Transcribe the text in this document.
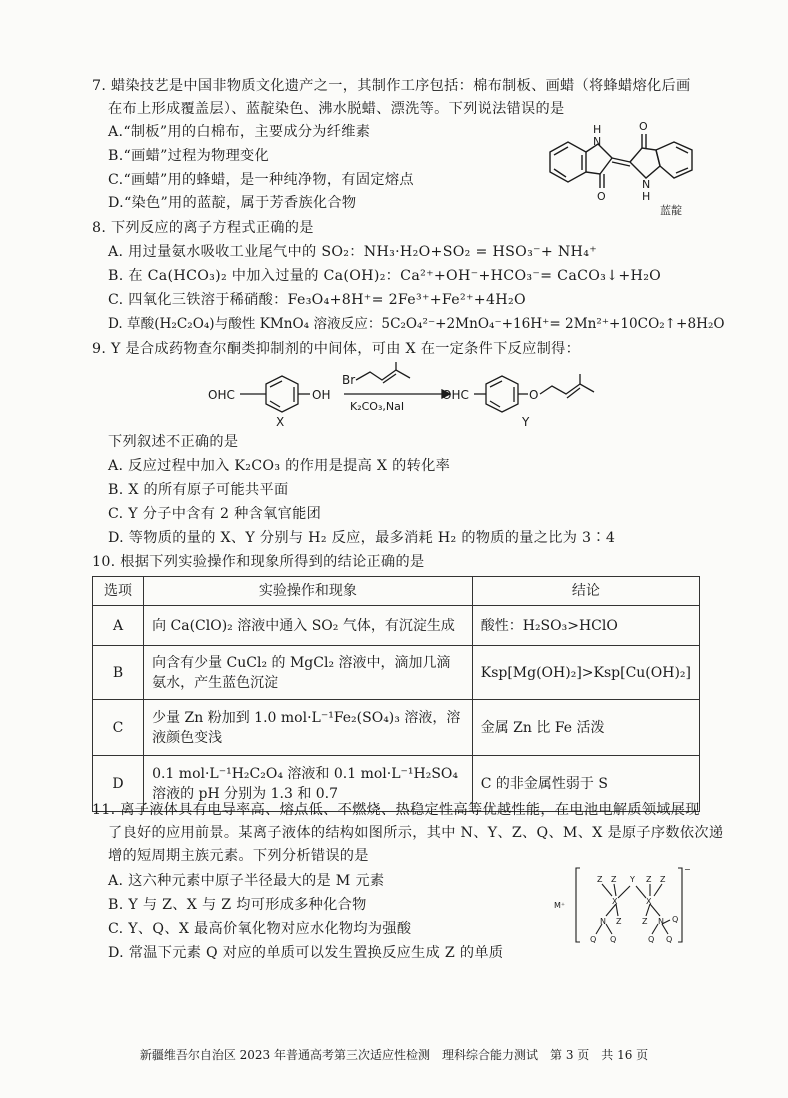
7. 蜡染技艺是中国非物质文化遗产之一，其制作工序包括：棉布制板、画蜡（将蜂蜡熔化后画
在布上形成覆盖层）、蓝靛染色、沸水脱蜡、漂洗等。下列说法错误的是
A.“制板”用的白棉布，主要成分为纤维素
B.“画蜡”过程为物理变化
C.“画蜡”用的蜂蜡，是一种纯净物，有固定熔点
D.“染色”用的蓝靛，属于芳香族化合物
H
N
O
O
N
H
蓝靛
8. 下列反应的离子方程式正确的是
A. 用过量氨水吸收工业尾气中的 SO₂：NH₃·H₂O+SO₂ = HSO₃⁻+ NH₄⁺
B. 在 Ca(HCO₃)₂ 中加入过量的 Ca(OH)₂：Ca²⁺+OH⁻+HCO₃⁻= CaCO₃↓+H₂O
C. 四氧化三铁溶于稀硝酸：Fe₃O₄+8H⁺= 2Fe³⁺+Fe²⁺+4H₂O
D. 草酸(H₂C₂O₄)与酸性 KMnO₄ 溶液反应：5C₂O₄²⁻+2MnO₄⁻+16H⁺= 2Mn²⁺+10CO₂↑+8H₂O
9. Y 是合成药物查尔酮类抑制剂的中间体，可由 X 在一定条件下反应制得：
OHC	OH
Br
K₂CO₃,NaI
OHC	O
X	Y
下列叙述不正确的是
A. 反应过程中加入 K₂CO₃ 的作用是提高 X 的转化率
B. X 的所有原子可能共平面
C. Y 分子中含有 2 种含氧官能团
D. 等物质的量的 X、Y 分别与 H₂ 反应，最多消耗 H₂ 的物质的量之比为 3∶4
10. 根据下列实验操作和现象所得到的结论正确的是
选项	实验操作和现象	结论
A	向 Ca(ClO)₂ 溶液中通入 SO₂ 气体，有沉淀生成	酸性：H₂SO₃>HClO
B	向含有少量 CuCl₂ 的 MgCl₂ 溶液中，滴加几滴氨水，产生蓝色沉淀	Ksp[Mg(OH)₂]>Ksp[Cu(OH)₂]
C	少量 Zn 粉加到 1.0 mol·L⁻¹Fe₂(SO₄)₃ 溶液，溶液颜色变浅	金属 Zn 比 Fe 活泼
D	0.1 mol·L⁻¹H₂C₂O₄ 溶液和 0.1 mol·L⁻¹H₂SO₄ 溶液的 pH 分别为 1.3 和 0.7	C 的非金属性弱于 S
11. 离子液体具有电导率高、熔点低、不燃烧、热稳定性高等优越性能，在电池电解质领域展现
了良好的应用前景。某离子液体的结构如图所示，其中 N、Y、Z、Q、M、X 是原子序数依次递
增的短周期主族元素。下列分析错误的是
A. 这六种元素中原子半径最大的是 M 元素
B. Y 与 Z、X 与 Z 均可形成多种化合物
C. Y、Q、X 最高价氧化物对应水化物均为强酸
D. 常温下元素 Q 对应的单质可以发生置换反应生成 Z 的单质
M⁺
−
Z Z Y Z Z
X	X
N Z	Z N Q
Q Q	Q Q
新疆维吾尔自治区 2023 年普通高考第三次适应性检测　理科综合能力测试　第 3 页　共 16 页
